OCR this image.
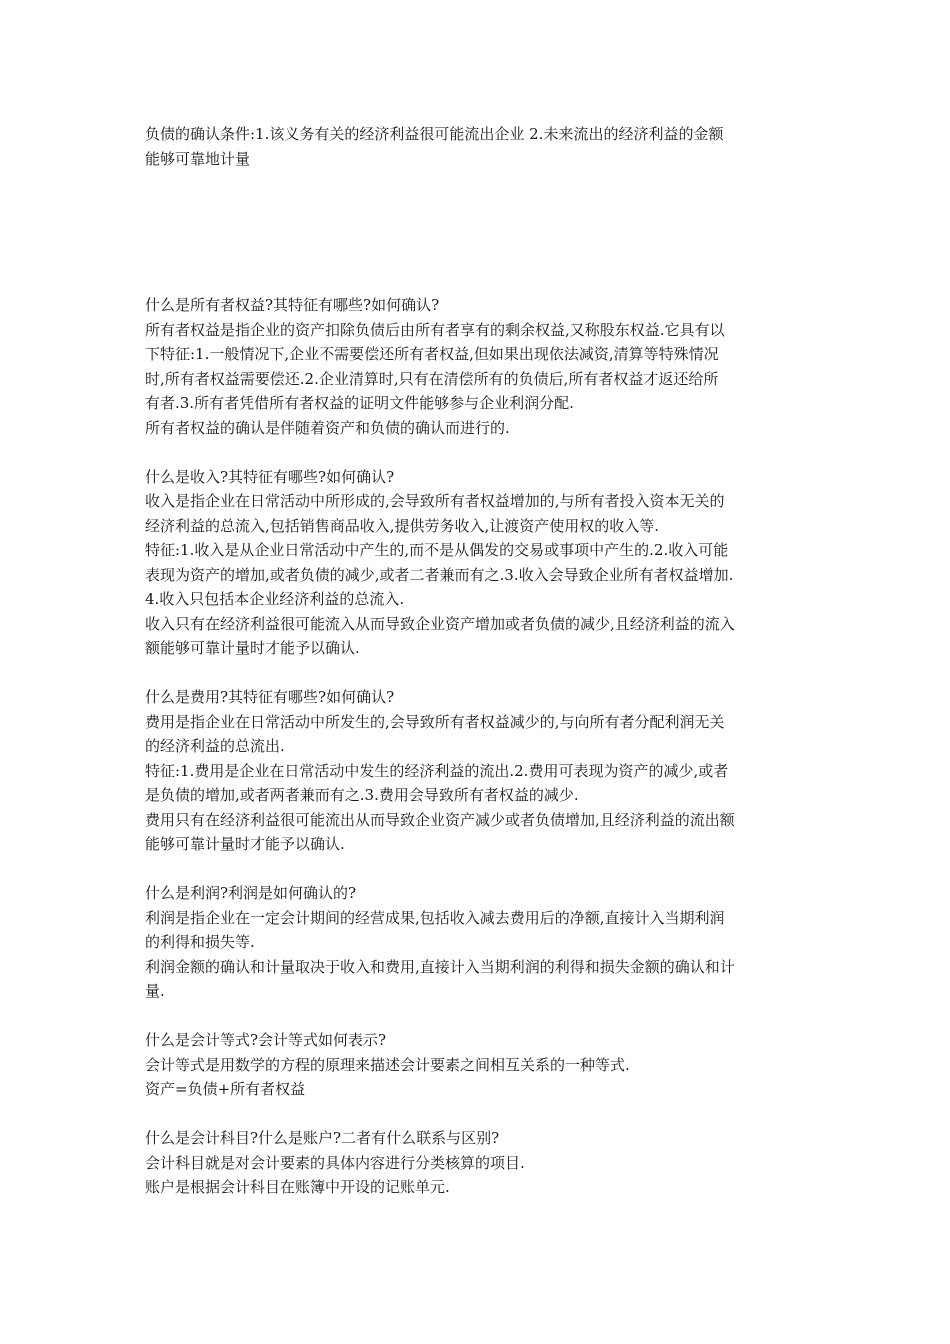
负债的确认条件:1.该义务有关的经济利益很可能流出企业 2.未来流出的经济利益的金额

能够可靠地计量

什么是所有者权益?其特征有哪些?如何确认?

所有者权益是指企业的资产扣除负债后由所有者享有的剩余权益,又称股东权益.它具有以

下特征:1.一般情况下,企业不需要偿还所有者权益,但如果出现依法减资,清算等特殊情况

时,所有者权益需要偿还.2.企业清算时,只有在清偿所有的负债后,所有者权益才返还给所

有者.3.所有者凭借所有者权益的证明文件能够参与企业利润分配.

所有者权益的确认是伴随着资产和负债的确认而进行的.

什么是收入?其特征有哪些?如何确认?

收入是指企业在日常活动中所形成的,会导致所有者权益增加的,与所有者投入资本无关的

经济利益的总流入,包括销售商品收入,提供劳务收入,让渡资产使用权的收入等.

特征:1.收入是从企业日常活动中产生的,而不是从偶发的交易或事项中产生的.2.收入可能

表现为资产的增加,或者负债的减少,或者二者兼而有之.3.收入会导致企业所有者权益增加.

4.收入只包括本企业经济利益的总流入.

收入只有在经济利益很可能流入从而导致企业资产增加或者负债的减少,且经济利益的流入

额能够可靠计量时才能予以确认.

什么是费用?其特征有哪些?如何确认?

费用是指企业在日常活动中所发生的,会导致所有者权益减少的,与向所有者分配利润无关

的经济利益的总流出.

特征:1.费用是企业在日常活动中发生的经济利益的流出.2.费用可表现为资产的减少,或者

是负债的增加,或者两者兼而有之.3.费用会导致所有者权益的减少.

费用只有在经济利益很可能流出从而导致企业资产减少或者负债增加,且经济利益的流出额

能够可靠计量时才能予以确认.

什么是利润?利润是如何确认的?

利润是指企业在一定会计期间的经营成果,包括收入减去费用后的净额,直接计入当期利润

的利得和损失等.

利润金额的确认和计量取决于收入和费用,直接计入当期利润的利得和损失金额的确认和计

量.

什么是会计等式?会计等式如何表示?

会计等式是用数学的方程的原理来描述会计要素之间相互关系的一种等式.

资产=负债+所有者权益

什么是会计科目?什么是账户?二者有什么联系与区别?

会计科目就是对会计要素的具体内容进行分类核算的项目.

账户是根据会计科目在账簿中开设的记账单元.
